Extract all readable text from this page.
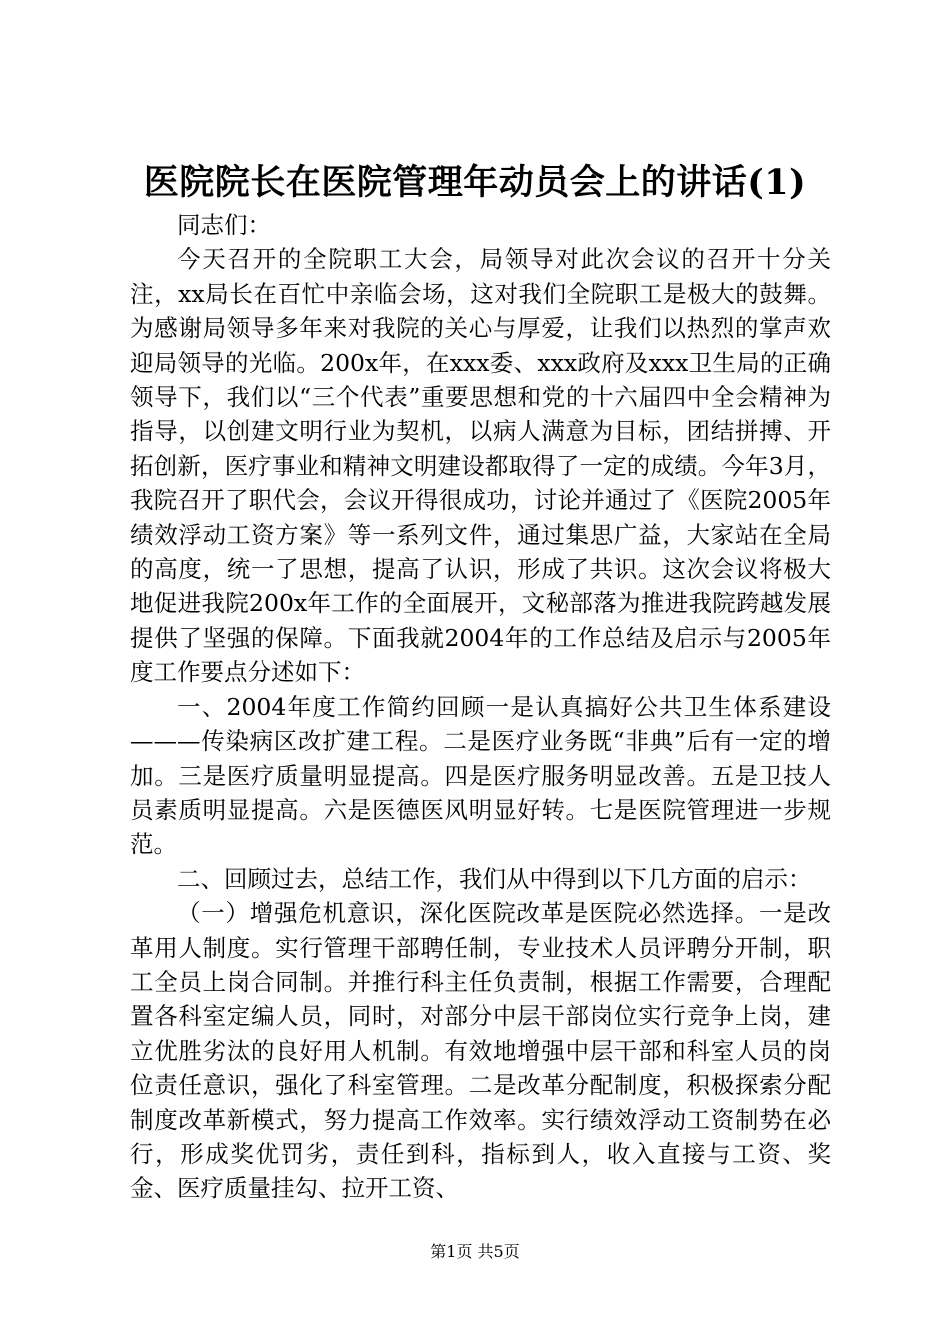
医院院长在医院管理年动员会上的讲话(1)

同志们：

今天召开的全院职工大会，局领导对此次会议的召开十分关注，xx局长在百忙中亲临会场，这对我们全院职工是极大的鼓舞。为感谢局领导多年来对我院的关心与厚爱，让我们以热烈的掌声欢迎局领导的光临。200x年，在xxx委、xxx政府及xxx卫生局的正确领导下，我们以“三个代表”重要思想和党的十六届四中全会精神为指导，以创建文明行业为契机，以病人满意为目标，团结拼搏、开拓创新，医疗事业和精神文明建设都取得了一定的成绩。今年3月，我院召开了职代会，会议开得很成功，讨论并通过了《医院2005年绩效浮动工资方案》等一系列文件，通过集思广益，大家站在全局的高度，统一了思想，提高了认识，形成了共识。这次会议将极大地促进我院200x年工作的全面展开，文秘部落为推进我院跨越发展提供了坚强的保障。下面我就2004年的工作总结及启示与2005年度工作要点分述如下：

一、2004年度工作简约回顾一是认真搞好公共卫生体系建设———传染病区改扩建工程。二是医疗业务既“非典”后有一定的增加。三是医疗质量明显提高。四是医疗服务明显改善。五是卫技人员素质明显提高。六是医德医风明显好转。七是医院管理进一步规范。

二、回顾过去，总结工作，我们从中得到以下几方面的启示：

（一）增强危机意识，深化医院改革是医院必然选择。一是改革用人制度。实行管理干部聘任制，专业技术人员评聘分开制，职工全员上岗合同制。并推行科主任负责制，根据工作需要，合理配置各科室定编人员，同时，对部分中层干部岗位实行竞争上岗，建立优胜劣汰的良好用人机制。有效地增强中层干部和科室人员的岗位责任意识，强化了科室管理。二是改革分配制度，积极探索分配制度改革新模式，努力提高工作效率。实行绩效浮动工资制势在必行，形成奖优罚劣，责任到科，指标到人，收入直接与工资、奖金、医疗质量挂勾、拉开工资、

第1页 共5页
